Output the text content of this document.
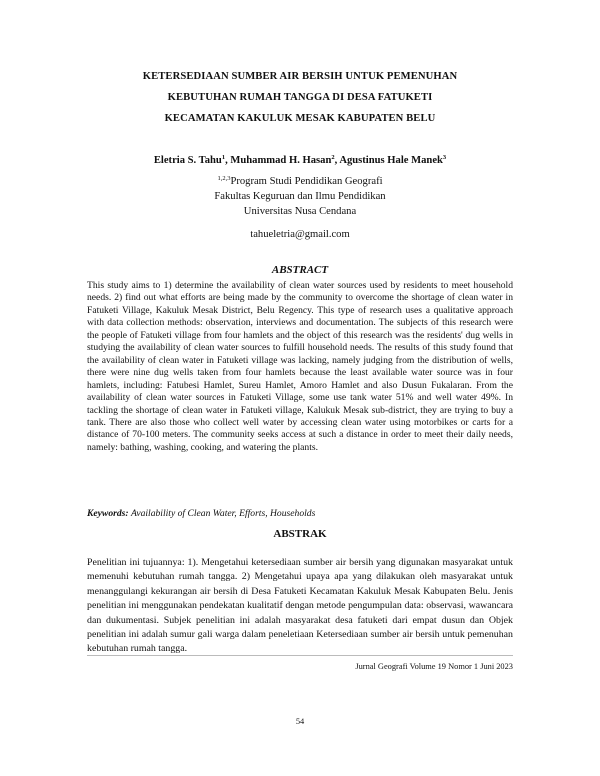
KETERSEDIAAN SUMBER AIR BERSIH UNTUK PEMENUHAN
KEBUTUHAN RUMAH TANGGA DI DESA FATUKETI
KECAMATAN KAKULUK MESAK KABUPATEN BELU
Eletria S. Tahu$^1$, Muhammad H. Hasan$^2$, Agustinus Hale Manek$^3$
$^{1,2,3}$Program Studi Pendidikan Geografi
Fakultas Keguruan dan Ilmu Pendidikan
Universitas Nusa Cendana
tahueletria@gmail.com
ABSTRACT
This study aims to 1) determine the availability of clean water sources used by residents to meet household needs. 2) find out what efforts are being made by the community to overcome the shortage of clean water in Fatuketi Village, Kakuluk Mesak District, Belu Regency. This type of research uses a qualitative approach with data collection methods: observation, interviews and documentation. The subjects of this research were the people of Fatuketi village from four hamlets and the object of this research was the residents' dug wells in studying the availability of clean water sources to fulfill household needs. The results of this study found that the availability of clean water in Fatuketi village was lacking, namely judging from the distribution of wells, there were nine dug wells taken from four hamlets because the least available water source was in four hamlets, including: Fatubesi Hamlet, Sureu Hamlet, Amoro Hamlet and also Dusun Fukalaran. From the availability of clean water sources in Fatuketi Village, some use tank water 51% and well water 49%. In tackling the shortage of clean water in Fatuketi village, Kalukuk Mesak sub-district, they are trying to buy a tank. There are also those who collect well water by accessing clean water using motorbikes or carts for a distance of 70-100 meters. The community seeks access at such a distance in order to meet their daily needs, namely: bathing, washing, cooking, and watering the plants.
Keywords: Availability of Clean Water, Efforts, Households
ABSTRAK
Penelitian ini tujuannya: 1). Mengetahui ketersediaan sumber air bersih yang digunakan masyarakat untuk memenuhi kebutuhan rumah tangga. 2) Mengetahui upaya apa yang dilakukan oleh masyarakat untuk menanggulangi kekurangan air bersih di Desa Fatuketi Kecamatan Kakuluk Mesak Kabupaten Belu. Jenis penelitian ini menggunakan pendekatan kualitatif dengan metode pengumpulan data: observasi, wawancara dan dukumentasi. Subjek penelitian ini adalah masyarakat desa fatuketi dari empat dusun dan Objek penelitian ini adalah sumur gali warga dalam peneletiaan Ketersediaan sumber air bersih untuk pemenuhan kebutuhan rumah tangga.
Jurnal Geografi Volume 19 Nomor 1 Juni 2023
54
